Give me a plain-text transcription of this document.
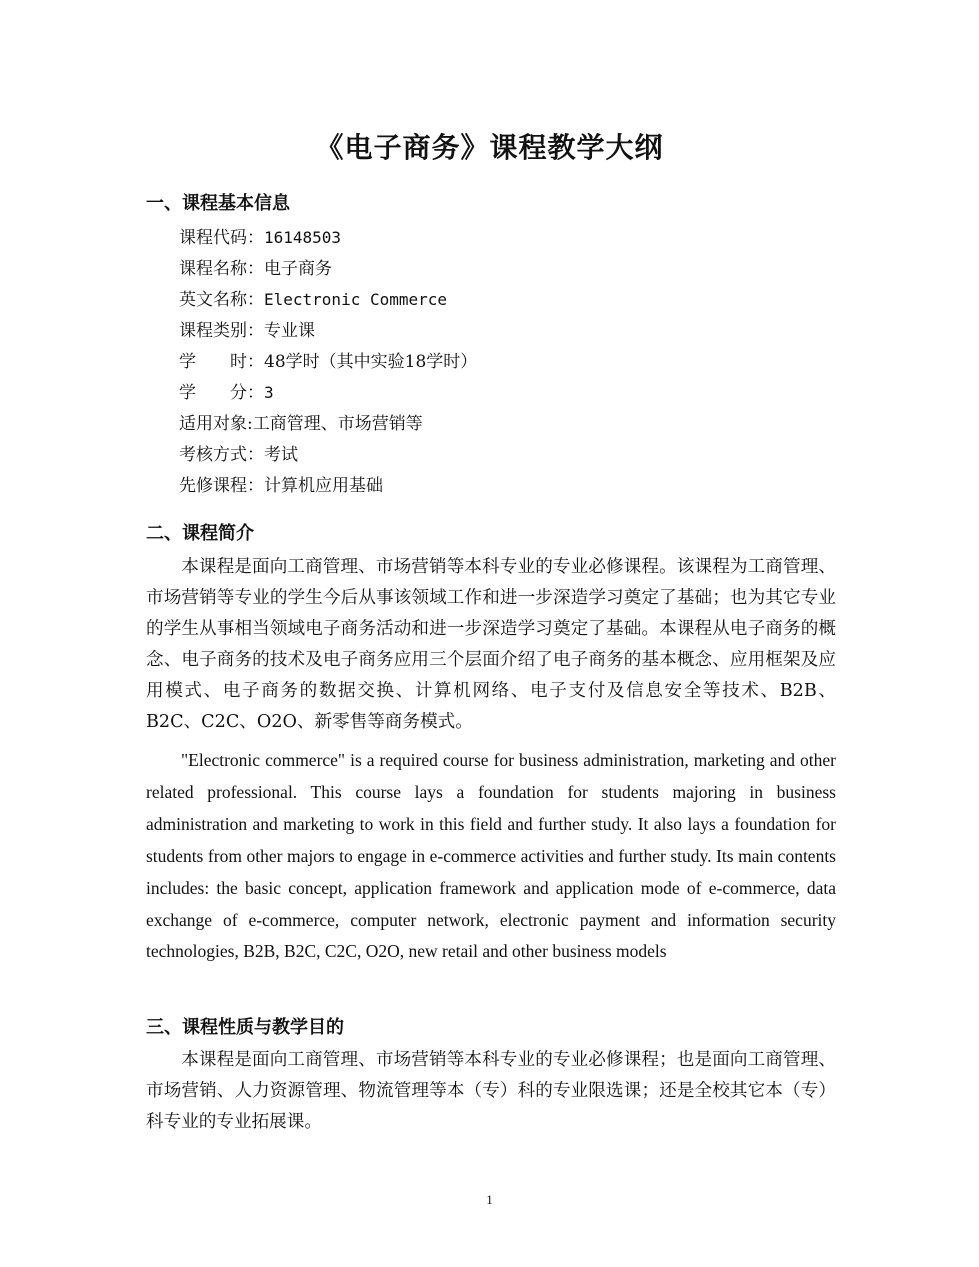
《电子商务》课程教学大纲
一、课程基本信息
课程代码：16148503
课程名称：电子商务
英文名称：Electronic Commerce
课程类别：专业课
学　　时：48学时（其中实验18学时）
学　　分：3
适用对象:工商管理、市场营销等
考核方式：考试
先修课程：计算机应用基础
二、课程简介

本课程是面向工商管理、市场营销等本科专业的专业必修课程。该课程为工商管理、市场营销等专业的学生今后从事该领域工作和进一步深造学习奠定了基础；也为其它专业的学生从事相当领域电子商务活动和进一步深造学习奠定了基础。本课程从电子商务的概念、电子商务的技术及电子商务应用三个层面介绍了电子商务的基本概念、应用框架及应用模式、电子商务的数据交换、计算机网络、电子支付及信息安全等技术、B2B、B2C、C2C、O2O、新零售等商务模式。

"Electronic commerce" is a required course for business administration, marketing and other related professional. This course lays a foundation for students majoring in business administration and marketing to work in this field and further study. It also lays a foundation for students from other majors to engage in e-commerce activities and further study. Its main contents includes: the basic concept, application framework and application mode of e-commerce, data exchange of e-commerce, computer network, electronic payment and information security technologies, B2B, B2C, C2C, O2O, new retail and other business models

三、课程性质与教学目的

本课程是面向工商管理、市场营销等本科专业的专业必修课程；也是面向工商管理、市场营销、人力资源管理、物流管理等本（专）科的专业限选课；还是全校其它本（专）科专业的专业拓展课。

1
